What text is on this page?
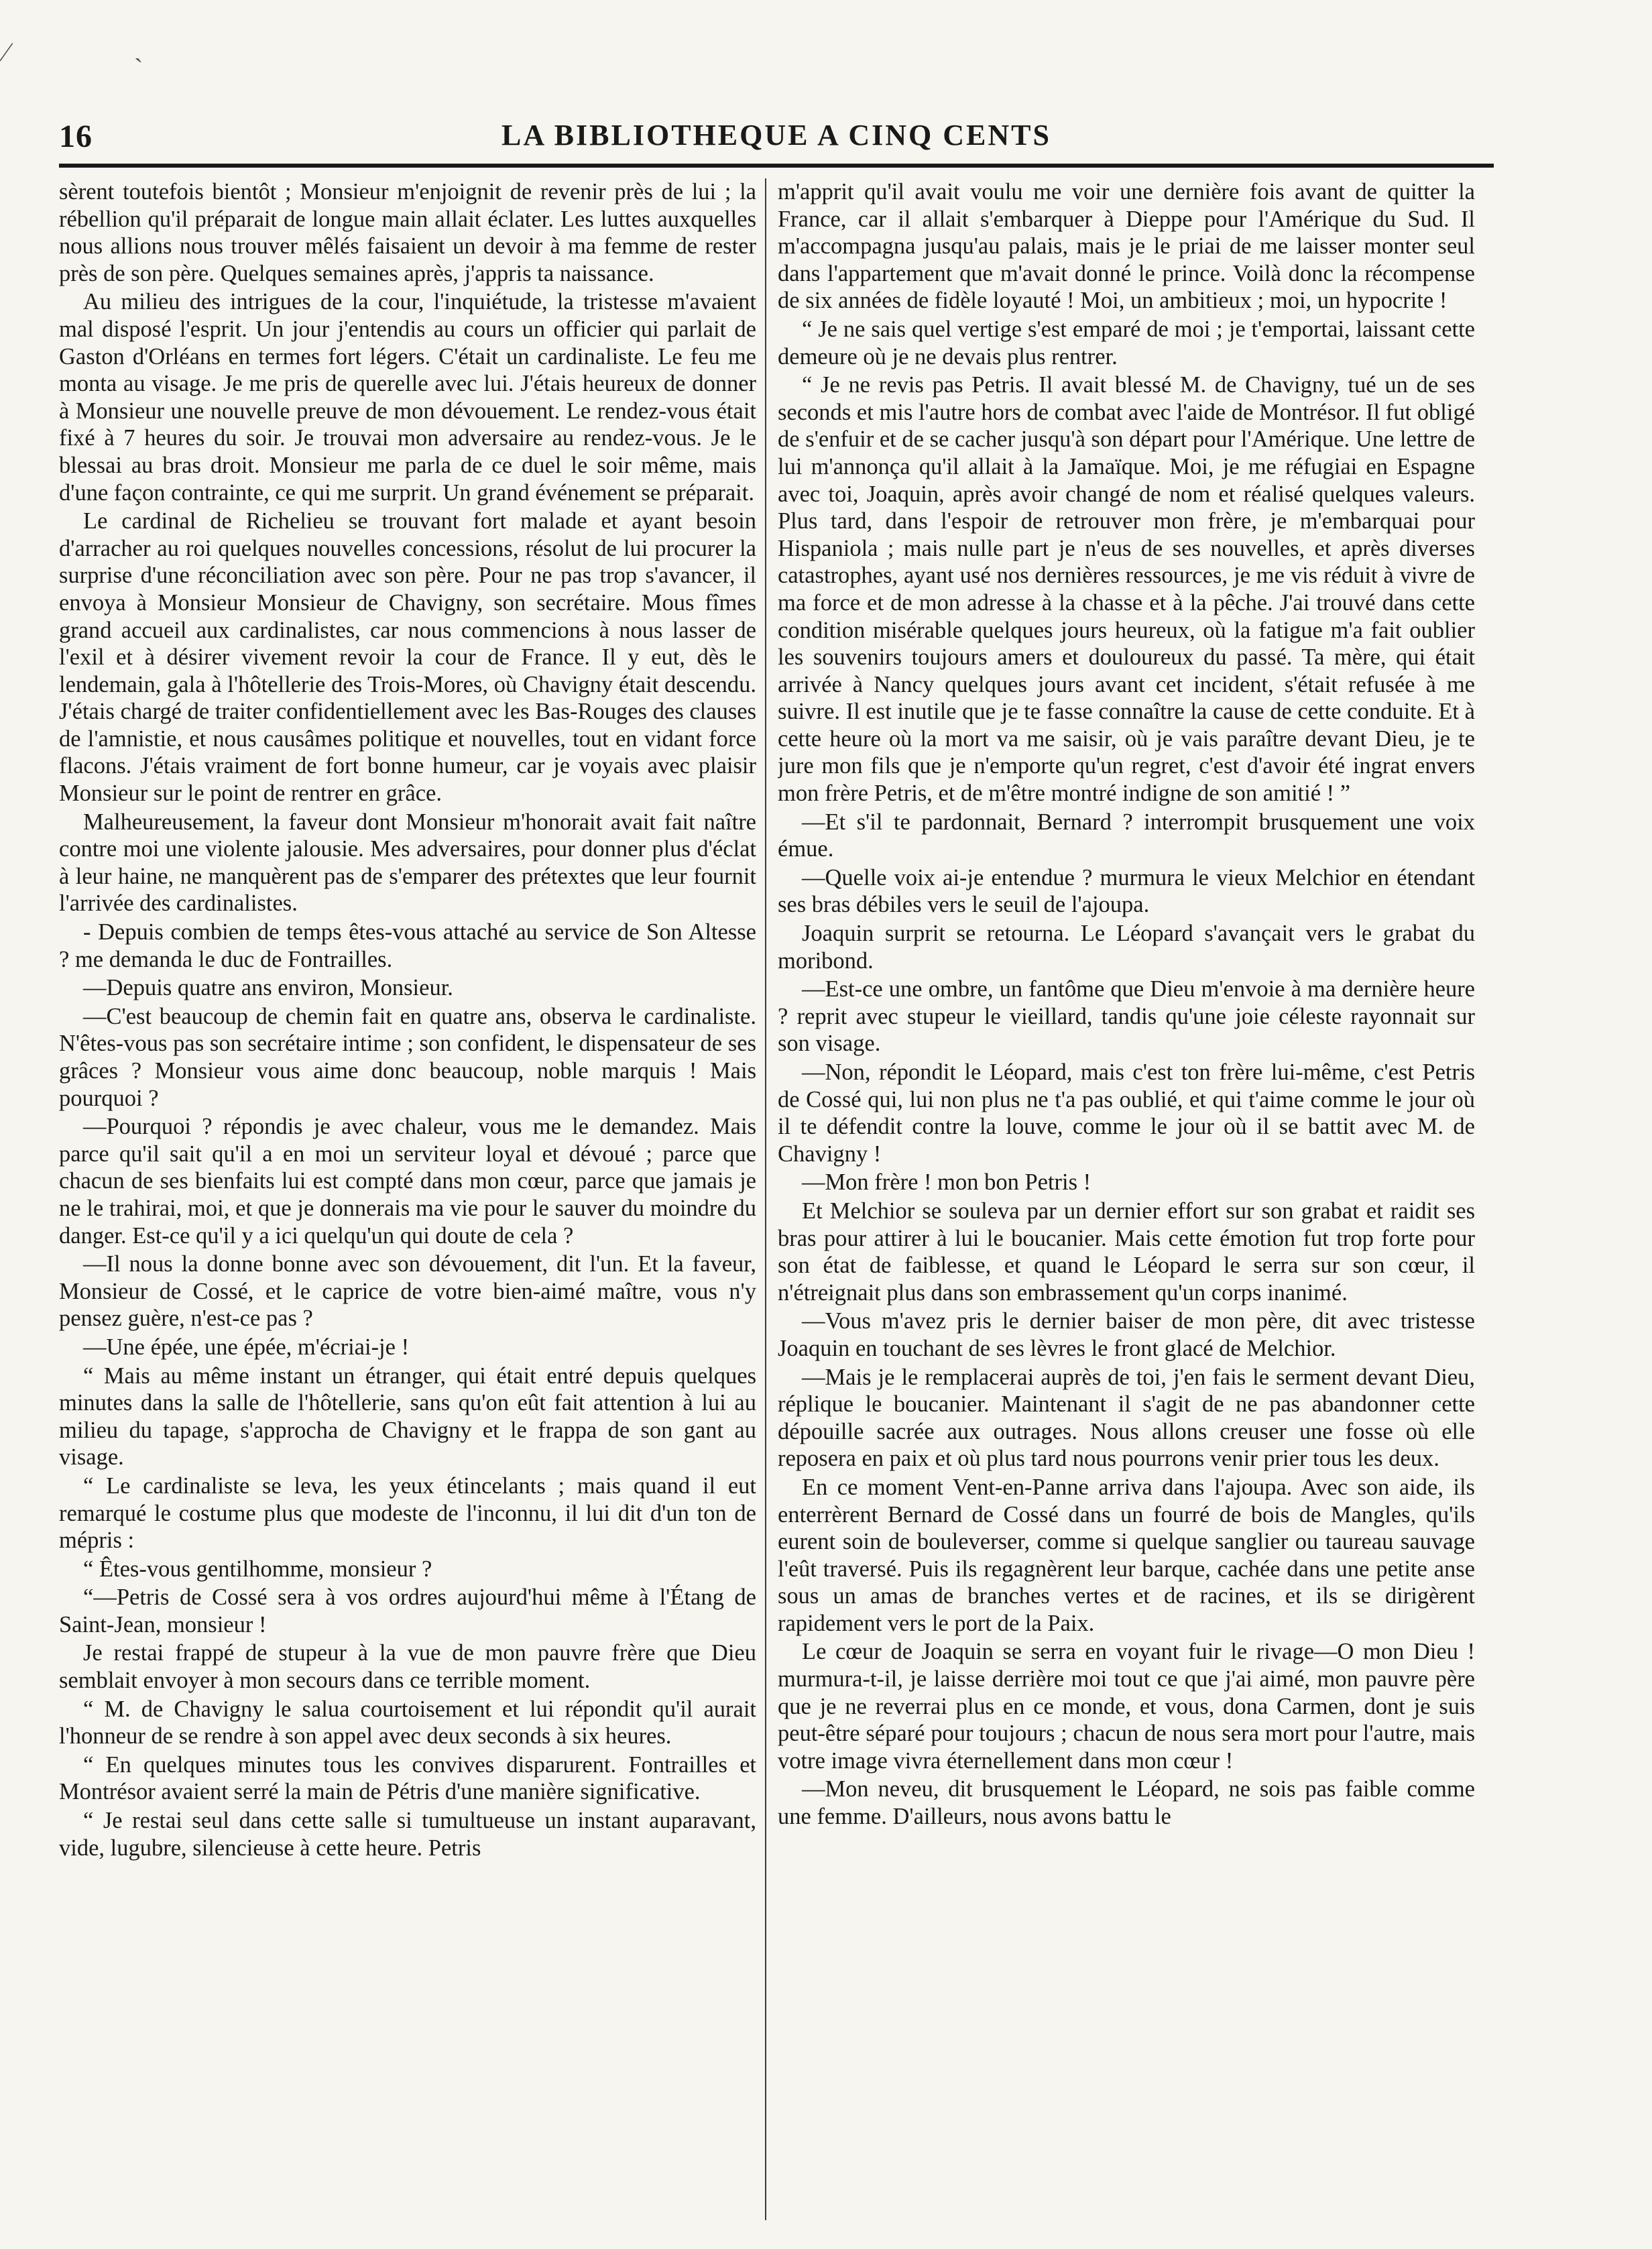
⁄
`
16	LA BIBLIOTHEQUE A CINQ CENTS

sèrent toutefois bientôt ; Monsieur m'enjoignit de revenir près de lui ; la rébellion qu'il préparait de longue main allait éclater. Les luttes auxquelles nous allions nous trouver mêlés faisaient un devoir à ma femme de rester près de son père. Quelques semaines après, j'appris ta naissance.

Au milieu des intrigues de la cour, l'inquiétude, la tristesse m'avaient mal disposé l'esprit. Un jour j'entendis au cours un officier qui parlait de Gaston d'Orléans en termes fort légers. C'était un cardinaliste. Le feu me monta au visage. Je me pris de querelle avec lui. J'étais heureux de donner à Monsieur une nouvelle preuve de mon dévouement. Le rendez-vous était fixé à 7 heures du soir. Je trouvai mon adversaire au rendez-vous. Je le blessai au bras droit. Monsieur me parla de ce duel le soir même, mais d'une façon contrainte, ce qui me surprit. Un grand événement se préparait.

Le cardinal de Richelieu se trouvant fort malade et ayant besoin d'arracher au roi quelques nouvelles concessions, résolut de lui procurer la surprise d'une réconciliation avec son père. Pour ne pas trop s'avancer, il envoya à Monsieur Monsieur de Chavigny, son secrétaire. Mous fîmes grand accueil aux cardinalistes, car nous commencions à nous lasser de l'exil et à désirer vivement revoir la cour de France. Il y eut, dès le lendemain, gala à l'hôtellerie des Trois-Mores, où Chavigny était descendu. J'étais chargé de traiter confidentiellement avec les Bas-Rouges des clauses de l'amnistie, et nous causâmes politique et nouvelles, tout en vidant force flacons. J'étais vraiment de fort bonne humeur, car je voyais avec plaisir Monsieur sur le point de rentrer en grâce.

Malheureusement, la faveur dont Monsieur m'honorait avait fait naître contre moi une violente jalousie. Mes adversaires, pour donner plus d'éclat à leur haine, ne manquèrent pas de s'emparer des prétextes que leur fournit l'arrivée des cardinalistes.

- Depuis combien de temps êtes-vous attaché au service de Son Altesse ? me demanda le duc de Fontrailles.

—Depuis quatre ans environ, Monsieur.

—C'est beaucoup de chemin fait en quatre ans, observa le cardinaliste. N'êtes-vous pas son secrétaire intime ; son confident, le dispensateur de ses grâces ? Monsieur vous aime donc beaucoup, noble marquis ! Mais pourquoi ?

—Pourquoi ? répondis je avec chaleur, vous me le demandez. Mais parce qu'il sait qu'il a en moi un serviteur loyal et dévoué ; parce que chacun de ses bienfaits lui est compté dans mon cœur, parce que jamais je ne le trahirai, moi, et que je donnerais ma vie pour le sauver du moindre du danger. Est-ce qu'il y a ici quelqu'un qui doute de cela ?

—Il nous la donne bonne avec son dévouement, dit l'un. Et la faveur, Monsieur de Cossé, et le caprice de votre bien-aimé maître, vous n'y pensez guère, n'est-ce pas ?

—Une épée, une épée, m'écriai-je !

“ Mais au même instant un étranger, qui était entré depuis quelques minutes dans la salle de l'hôtellerie, sans qu'on eût fait attention à lui au milieu du tapage, s'approcha de Chavigny et le frappa de son gant au visage.

“ Le cardinaliste se leva, les yeux étincelants ; mais quand il eut remarqué le costume plus que modeste de l'inconnu, il lui dit d'un ton de mépris :

“ Êtes-vous gentilhomme, monsieur ?

“—Petris de Cossé sera à vos ordres aujourd'hui même à l'Étang de Saint-Jean, monsieur !

Je restai frappé de stupeur à la vue de mon pauvre frère que Dieu semblait envoyer à mon secours dans ce terrible moment.

“ M. de Chavigny le salua courtoisement et lui répondit qu'il aurait l'honneur de se rendre à son appel avec deux seconds à six heures.

“ En quelques minutes tous les convives disparurent. Fontrailles et Montrésor avaient serré la main de Pétris d'une manière significative.

“ Je restai seul dans cette salle si tumultueuse un instant auparavant, vide, lugubre, silencieuse à cette heure. Petris

m'apprit qu'il avait voulu me voir une dernière fois avant de quitter la France, car il allait s'embarquer à Dieppe pour l'Amérique du Sud. Il m'accompagna jusqu'au palais, mais je le priai de me laisser monter seul dans l'appartement que m'avait donné le prince. Voilà donc la récompense de six années de fidèle loyauté ! Moi, un ambitieux ; moi, un hypocrite !

“ Je ne sais quel vertige s'est emparé de moi ; je t'emportai, laissant cette demeure où je ne devais plus rentrer.

“ Je ne revis pas Petris. Il avait blessé M. de Chavigny, tué un de ses seconds et mis l'autre hors de combat avec l'aide de Montrésor. Il fut obligé de s'enfuir et de se cacher jusqu'à son départ pour l'Amérique. Une lettre de lui m'annonça qu'il allait à la Jamaïque. Moi, je me réfugiai en Espagne avec toi, Joaquin, après avoir changé de nom et réalisé quelques valeurs. Plus tard, dans l'espoir de retrouver mon frère, je m'embarquai pour Hispaniola ; mais nulle part je n'eus de ses nouvelles, et après diverses catastrophes, ayant usé nos dernières ressources, je me vis réduit à vivre de ma force et de mon adresse à la chasse et à la pêche. J'ai trouvé dans cette condition misérable quelques jours heureux, où la fatigue m'a fait oublier les souvenirs toujours amers et douloureux du passé. Ta mère, qui était arrivée à Nancy quelques jours avant cet incident, s'était refusée à me suivre. Il est inutile que je te fasse connaître la cause de cette conduite. Et à cette heure où la mort va me saisir, où je vais paraître devant Dieu, je te jure mon fils que je n'emporte qu'un regret, c'est d'avoir été ingrat envers mon frère Petris, et de m'être montré indigne de son amitié ! ”

—Et s'il te pardonnait, Bernard ? interrompit brusquement une voix émue.

—Quelle voix ai-je entendue ? murmura le vieux Melchior en étendant ses bras débiles vers le seuil de l'ajoupa.

Joaquin surprit se retourna. Le Léopard s'avançait vers le grabat du moribond.

—Est-ce une ombre, un fantôme que Dieu m'envoie à ma dernière heure ? reprit avec stupeur le vieillard, tandis qu'une joie céleste rayonnait sur son visage.

—Non, répondit le Léopard, mais c'est ton frère lui-même, c'est Petris de Cossé qui, lui non plus ne t'a pas oublié, et qui t'aime comme le jour où il te défendit contre la louve, comme le jour où il se battit avec M. de Chavigny !

—Mon frère ! mon bon Petris !

Et Melchior se souleva par un dernier effort sur son grabat et raidit ses bras pour attirer à lui le boucanier. Mais cette émotion fut trop forte pour son état de faiblesse, et quand le Léopard le serra sur son cœur, il n'étreignait plus dans son embrassement qu'un corps inanimé.

—Vous m'avez pris le dernier baiser de mon père, dit avec tristesse Joaquin en touchant de ses lèvres le front glacé de Melchior.

—Mais je le remplacerai auprès de toi, j'en fais le serment devant Dieu, réplique le boucanier. Maintenant il s'agit de ne pas abandonner cette dépouille sacrée aux outrages. Nous allons creuser une fosse où elle reposera en paix et où plus tard nous pourrons venir prier tous les deux.

En ce moment Vent-en-Panne arriva dans l'ajoupa. Avec son aide, ils enterrèrent Bernard de Cossé dans un fourré de bois de Mangles, qu'ils eurent soin de bouleverser, comme si quelque sanglier ou taureau sauvage l'eût traversé. Puis ils regagnèrent leur barque, cachée dans une petite anse sous un amas de branches vertes et de racines, et ils se dirigèrent rapidement vers le port de la Paix.

Le cœur de Joaquin se serra en voyant fuir le rivage—O mon Dieu ! murmura-t-il, je laisse derrière moi tout ce que j'ai aimé, mon pauvre père que je ne reverrai plus en ce monde, et vous, dona Carmen, dont je suis peut-être séparé pour toujours ; chacun de nous sera mort pour l'autre, mais votre image vivra éternellement dans mon cœur !

—Mon neveu, dit brusquement le Léopard, ne sois pas faible comme une femme. D'ailleurs, nous avons battu le
